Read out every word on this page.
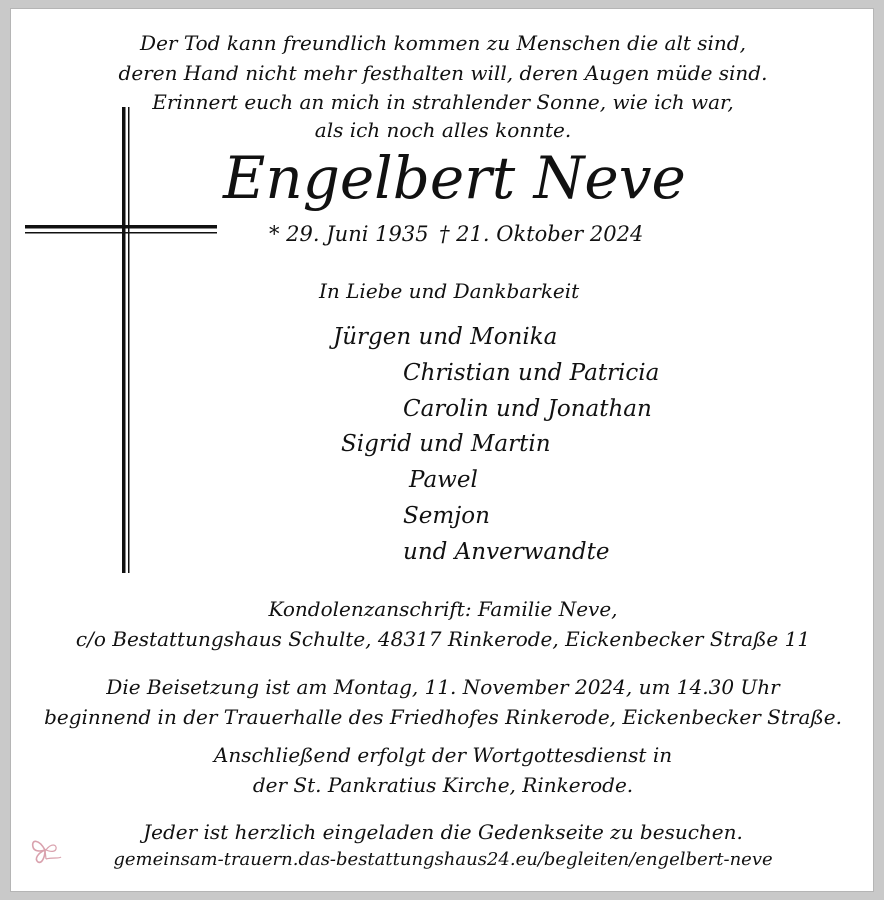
Der Tod kann freundlich kommen zu Menschen die alt sind,
deren Hand nicht mehr festhalten will, deren Augen müde sind.
Erinnert euch an mich in strahlender Sonne, wie ich war,
als ich noch alles konnte.
Engelbert Neve
* 29. Juni 1935 † 21. Oktober 2024
In Liebe und Dankbarkeit
Jürgen und Monika
Christian und Patricia
Carolin und Jonathan
Sigrid und Martin
Pawel
Semjon
und Anverwandte
Kondolenzanschrift: Familie Neve,
c/o Bestattungshaus Schulte, 48317 Rinkerode, Eickenbecker Straße 11
Die Beisetzung ist am Montag, 11. November 2024, um 14.30 Uhr
beginnend in der Trauerhalle des Friedhofes Rinkerode, Eickenbecker Straße.
Anschließend erfolgt der Wortgottesdienst in
der St. Pankratius Kirche, Rinkerode.
Jeder ist herzlich eingeladen die Gedenkseite zu besuchen.
gemeinsam-trauern.das-bestattungshaus24.eu/begleiten/engelbert-neve
